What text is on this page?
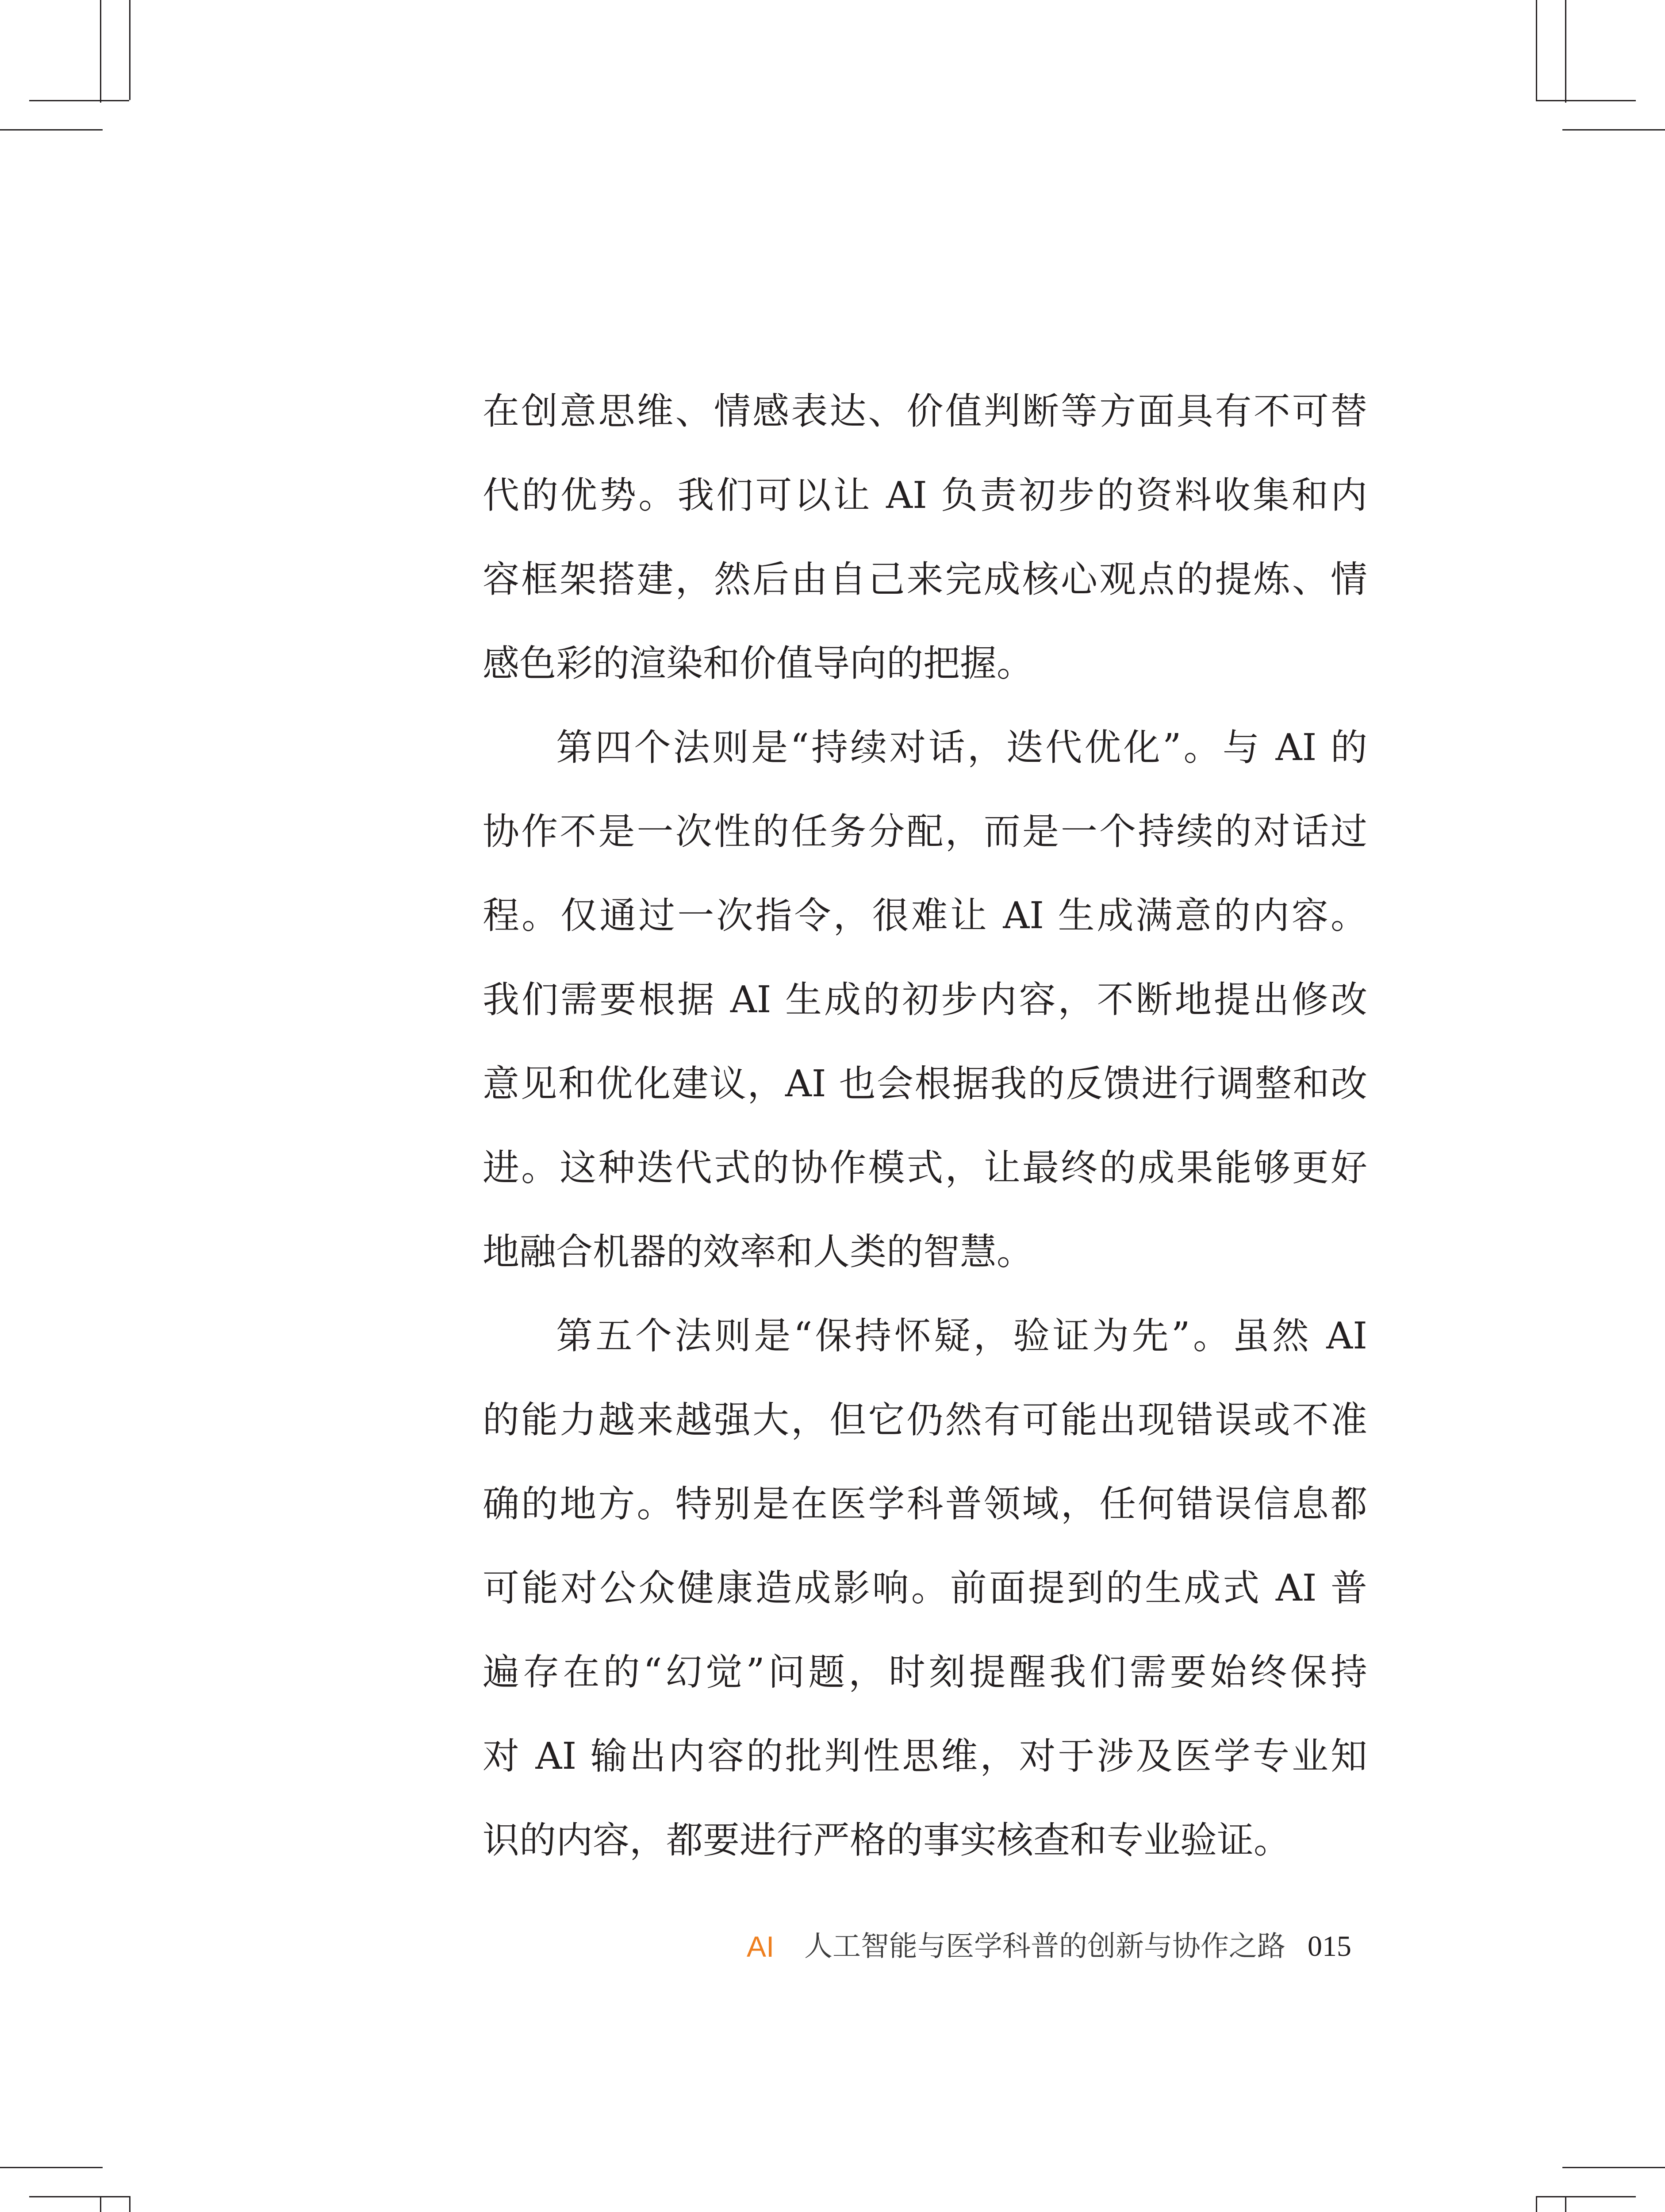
在创意思维、情感表达、价值判断等方面具有不可替
代的优势。我们可以让 AI 负责初步的资料收集和内
容框架搭建，然后由自己来完成核心观点的提炼、情
感色彩的渲染和价值导向的把握。
第四个法则是“持续对话，迭代优化”。与 AI 的
协作不是一次性的任务分配，而是一个持续的对话过
程。仅通过一次指令，很难让 AI 生成满意的内容。
我们需要根据 AI 生成的初步内容，不断地提出修改
意见和优化建议，AI 也会根据我的反馈进行调整和改
进。这种迭代式的协作模式，让最终的成果能够更好
地融合机器的效率和人类的智慧。
第五个法则是“保持怀疑，验证为先”。虽然 AI
的能力越来越强大，但它仍然有可能出现错误或不准
确的地方。特别是在医学科普领域，任何错误信息都
可能对公众健康造成影响。前面提到的生成式 AI 普
遍存在的“幻觉”问题，时刻提醒我们需要始终保持
对 AI 输出内容的批判性思维，对于涉及医学专业知
识的内容，都要进行严格的事实核查和专业验证。
AI 人工智能与医学科普的创新与协作之路 015
